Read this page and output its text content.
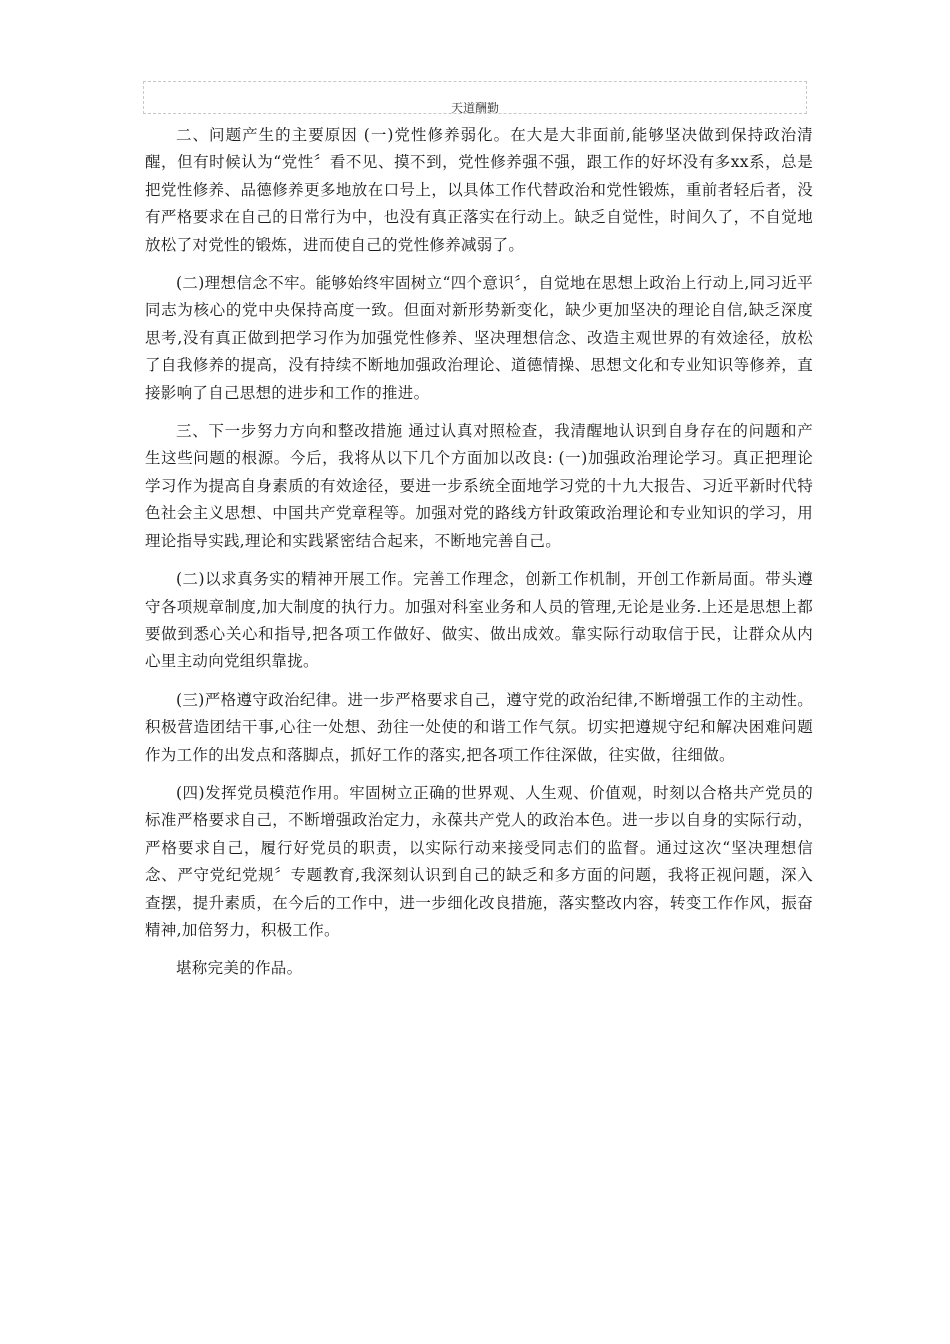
天道酬勤

二、问题产生的主要原因 (一)党性修养弱化。在大是大非面前,能够坚决做到保持政治清醒，但有时候认为“党性〞看不见、摸不到，党性修养强不强，跟工作的好坏没有多xx系，总是把党性修养、品德修养更多地放在口号上，以具体工作代替政治和党性锻炼，重前者轻后者，没有严格要求在自己的日常行为中，也没有真正落实在行动上。缺乏自觉性，时间久了，不自觉地放松了对党性的锻炼，进而使自己的党性修养减弱了。

(二)理想信念不牢。能够始终牢固树立“四个意识〞，自觉地在思想上政治上行动上,同习近平同志为核心的党中央保持高度一致。但面对新形势新变化，缺少更加坚决的理论自信,缺乏深度思考,没有真正做到把学习作为加强党性修养、坚决理想信念、改造主观世界的有效途径，放松了自我修养的提高，没有持续不断地加强政治理论、道德情操、思想文化和专业知识等修养，直接影响了自己思想的进步和工作的推进。

三、下一步努力方向和整改措施 通过认真对照检查，我清醒地认识到自身存在的问题和产生这些问题的根源。今后，我将从以下几个方面加以改良: (一)加强政治理论学习。真正把理论学习作为提高自身素质的有效途径，要进一步系统全面地学习党的十九大报告、习近平新时代特色社会主义思想、中国共产党章程等。加强对党的路线方针政策政治理论和专业知识的学习，用理论指导实践,理论和实践紧密结合起来，不断地完善自己。

(二)以求真务实的精神开展工作。完善工作理念，创新工作机制，开创工作新局面。带头遵守各项规章制度,加大制度的执行力。加强对科室业务和人员的管理,无论是业务.上还是思想上都要做到悉心关心和指导,把各项工作做好、做实、做出成效。靠实际行动取信于民，让群众从内心里主动向党组织靠拢。

(三)严格遵守政治纪律。进一步严格要求自己，遵守党的政治纪律,不断增强工作的主动性。积极营造团结干事,心往一处想、劲往一处使的和谐工作气氛。切实把遵规守纪和解决困难问题作为工作的出发点和落脚点，抓好工作的落实,把各项工作往深做，往实做，往细做。

(四)发挥党员模范作用。牢固树立正确的世界观、人生观、价值观，时刻以合格共产党员的标准严格要求自己，不断增强政治定力，永葆共产党人的政治本色。进一步以自身的实际行动，严格要求自己，履行好党员的职责，以实际行动来接受同志们的监督。通过这次“坚决理想信念、严守党纪党规〞专题教育,我深刻认识到自己的缺乏和多方面的问题，我将正视问题，深入查摆，提升素质，在今后的工作中，进一步细化改良措施，落实整改内容，转变工作作风，振奋精神,加倍努力，积极工作。

堪称完美的作品。
